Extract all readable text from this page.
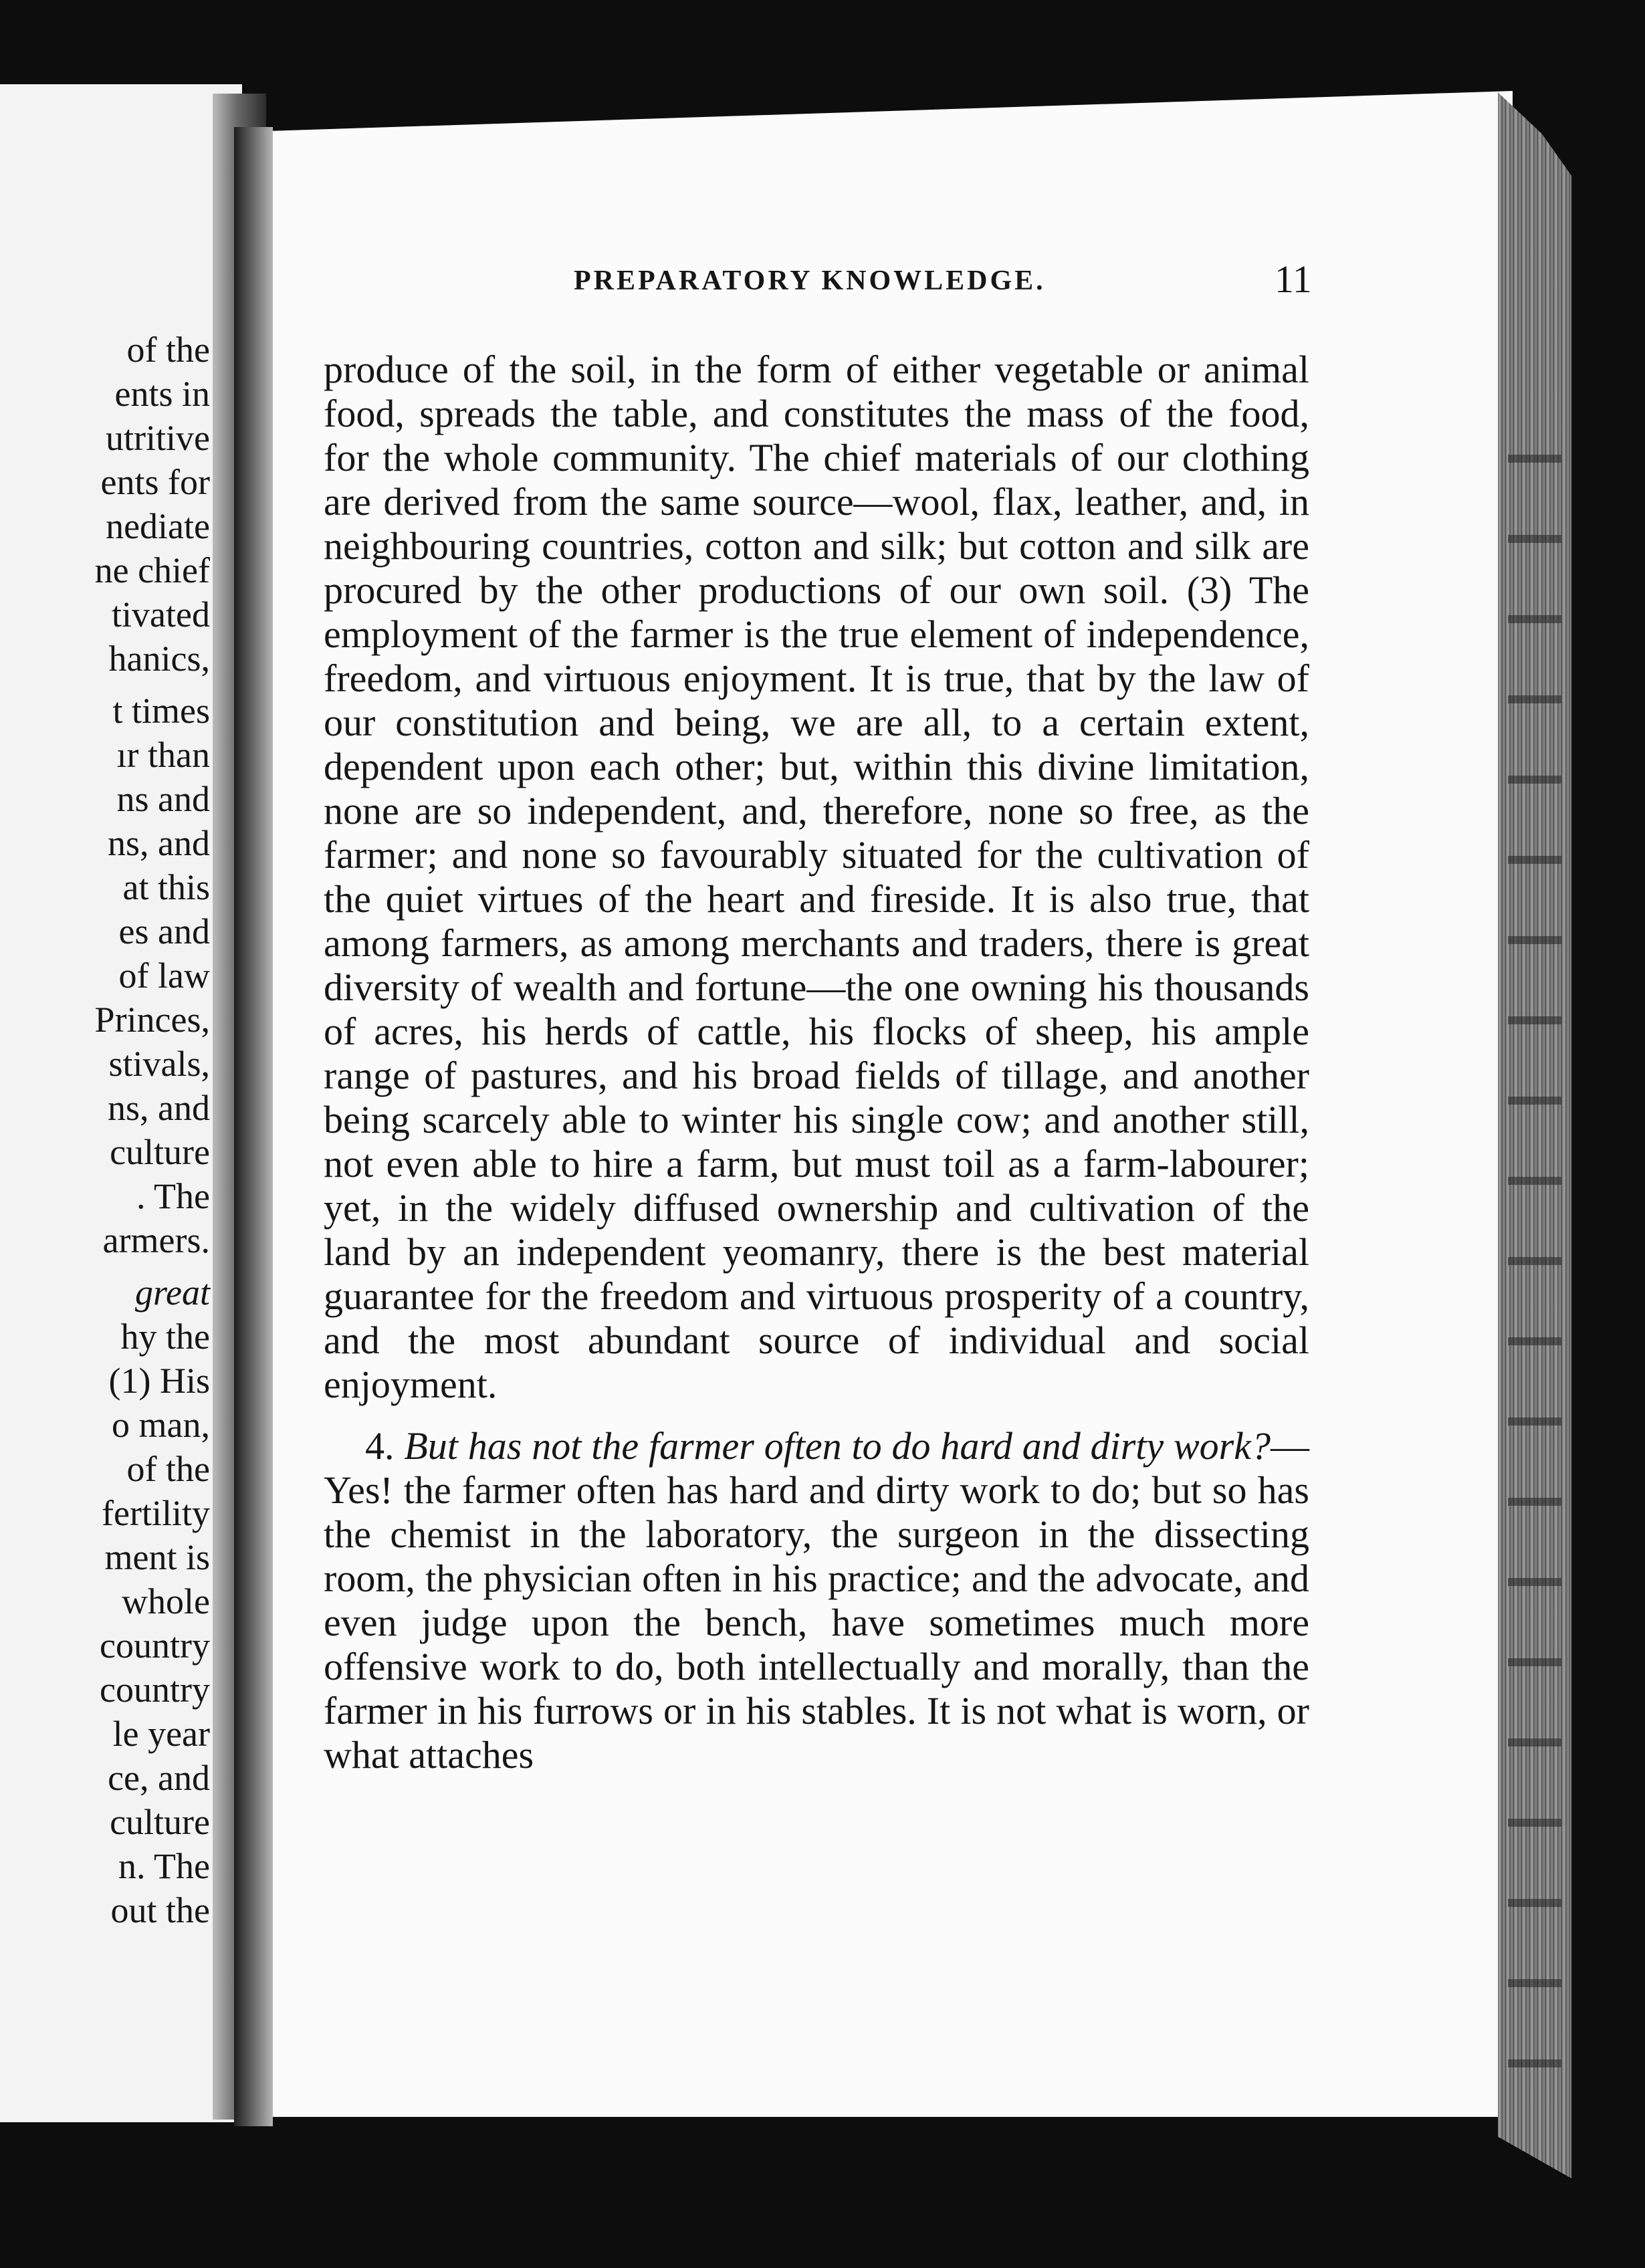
of the
ents in
utritive
ents for
nediate
ne chief
tivated
hanics,
t times
ır than
ns and
ns, and
at this
es and
of law
Princes,
stivals,
ns, and
culture
. The
armers.
great
hy the
(1) His
o man,
of the
fertility
ment is
whole
country
country
le year
ce, and
culture
n. The
out the
PREPARATORY KNOWLEDGE.	11

produce of the soil, in the form of either vegetable or animal food, spreads the table, and constitutes the mass of the food, for the whole community. The chief materials of our clothing are derived from the same source—wool, flax, leather, and, in neighbouring countries, cotton and silk; but cotton and silk are procured by the other productions of our own soil. (3) The employment of the farmer is the true element of independence, freedom, and virtuous enjoyment. It is true, that by the law of our constitution and being, we are all, to a certain extent, dependent upon each other; but, within this divine limitation, none are so independent, and, therefore, none so free, as the farmer; and none so favourably situated for the cultivation of the quiet virtues of the heart and fireside. It is also true, that among farmers, as among merchants and traders, there is great diversity of wealth and fortune—the one owning his thousands of acres, his herds of cattle, his flocks of sheep, his ample range of pastures, and his broad fields of tillage, and another being scarcely able to winter his single cow; and another still, not even able to hire a farm, but must toil as a farm-labourer; yet, in the widely diffused ownership and cultivation of the land by an independent yeomanry, there is the best material guarantee for the freedom and virtuous prosperity of a country, and the most abundant source of individual and social enjoyment.

4. But has not the farmer often to do hard and dirty work?—Yes! the farmer often has hard and dirty work to do; but so has the chemist in the laboratory, the surgeon in the dissecting room, the physician often in his practice; and the advocate, and even judge upon the bench, have sometimes much more offensive work to do, both intellectually and morally, than the farmer in his furrows or in his stables. It is not what is worn, or what attaches
